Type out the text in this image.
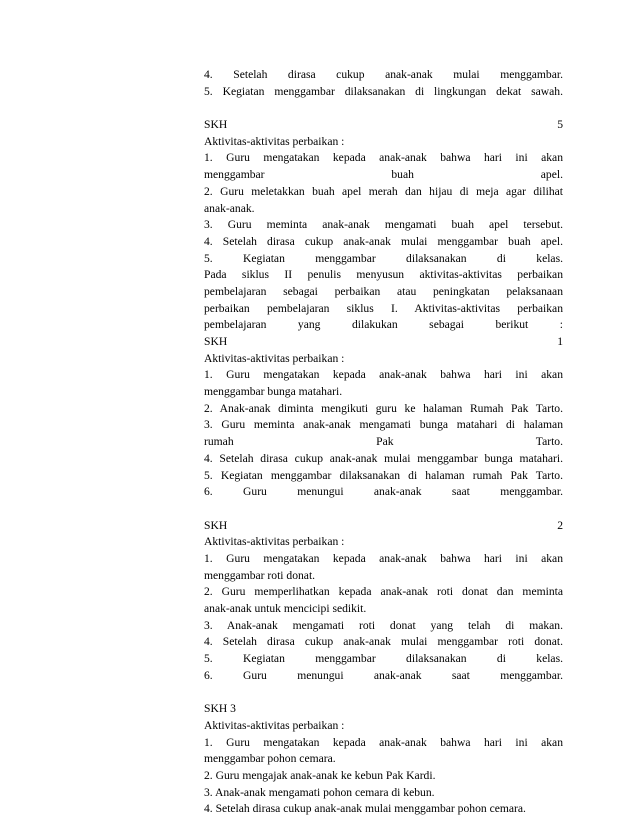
4. Setelah dirasa cukup anak-anak mulai menggambar.
5. Kegiatan menggambar dilaksanakan di lingkungan dekat sawah.
SKH 5
Aktivitas-aktivitas perbaikan :
1. Guru mengatakan kepada anak-anak bahwa hari ini akan
menggambar buah apel.
2. Guru meletakkan buah apel merah dan hijau di meja agar dilihat
anak-anak.
3. Guru meminta anak-anak mengamati buah apel tersebut.
4. Setelah dirasa cukup anak-anak mulai menggambar buah apel.
5. Kegiatan menggambar dilaksanakan di kelas.
Pada siklus II penulis menyusun aktivitas-aktivitas perbaikan
pembelajaran sebagai perbaikan atau peningkatan pelaksanaan
perbaikan pembelajaran siklus I. Aktivitas-aktivitas perbaikan
pembelajaran yang dilakukan sebagai berikut :
SKH 1
Aktivitas-aktivitas perbaikan :
1. Guru mengatakan kepada anak-anak bahwa hari ini akan
menggambar bunga matahari.
2. Anak-anak diminta mengikuti guru ke halaman Rumah Pak Tarto.
3. Guru meminta anak-anak mengamati bunga matahari di halaman
rumah Pak Tarto.
4. Setelah dirasa cukup anak-anak mulai menggambar bunga matahari.
5. Kegiatan menggambar dilaksanakan di halaman rumah Pak Tarto.
6. Guru menungui anak-anak saat menggambar.
SKH 2
Aktivitas-aktivitas perbaikan :
1. Guru mengatakan kepada anak-anak bahwa hari ini akan
menggambar roti donat.
2. Guru memperlihatkan kepada anak-anak roti donat dan meminta
anak-anak untuk mencicipi sedikit.
3. Anak-anak mengamati roti donat yang telah di makan.
4. Setelah dirasa cukup anak-anak mulai menggambar roti donat.
5. Kegiatan menggambar dilaksanakan di kelas.
6. Guru menungui anak-anak saat menggambar.
SKH 3
Aktivitas-aktivitas perbaikan :
1. Guru mengatakan kepada anak-anak bahwa hari ini akan
menggambar pohon cemara.
2. Guru mengajak anak-anak ke kebun Pak Kardi.
3. Anak-anak mengamati pohon cemara di kebun.
4. Setelah dirasa cukup anak-anak mulai menggambar pohon cemara.
